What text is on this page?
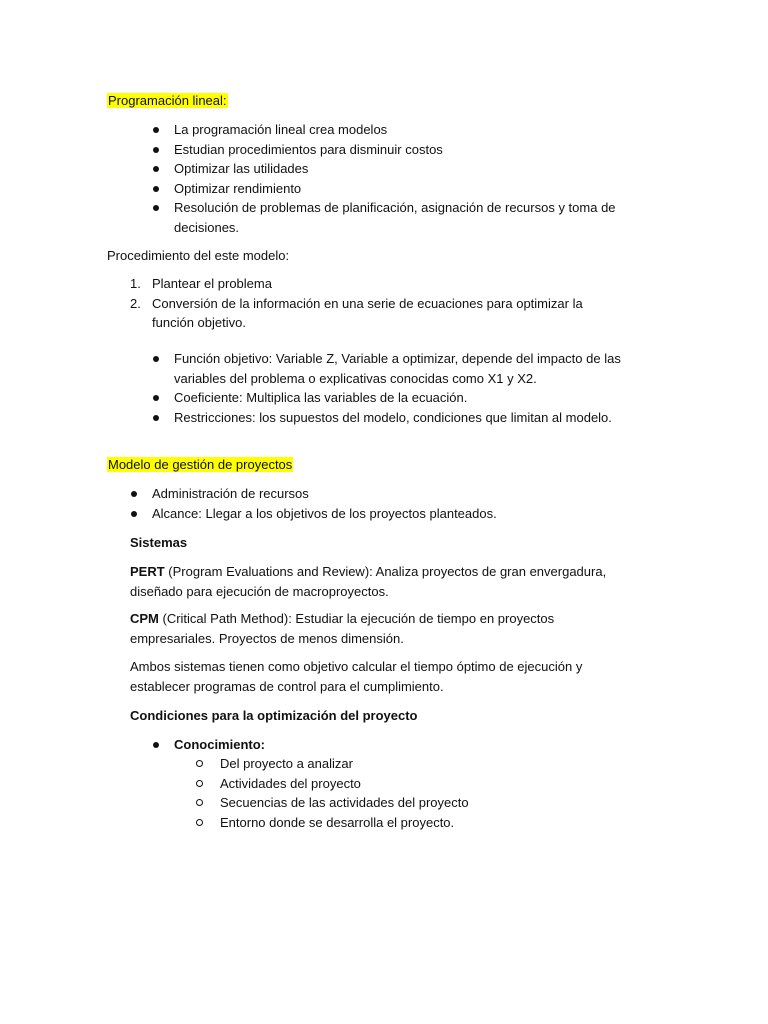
Programación lineal:
La programación lineal crea modelos
Estudian procedimientos para disminuir costos
Optimizar las utilidades
Optimizar rendimiento
Resolución de problemas de planificación, asignación de recursos y toma de decisiones.
Procedimiento del este modelo:
1. Plantear el problema
2. Conversión de la información en una serie de ecuaciones para optimizar la función objetivo.
Función objetivo: Variable Z, Variable a optimizar, depende del impacto de las variables del problema o explicativas conocidas como X1 y X2.
Coeficiente: Multiplica las variables de la ecuación.
Restricciones: los supuestos del modelo, condiciones que limitan al modelo.
Modelo de gestión de proyectos
Administración de recursos
Alcance: Llegar a los objetivos de los proyectos planteados.
Sistemas
PERT (Program Evaluations and Review): Analiza proyectos de gran envergadura, diseñado para ejecución de macroproyectos.
CPM (Critical Path Method): Estudiar la ejecución de tiempo en proyectos empresariales. Proyectos de menos dimensión.
Ambos sistemas tienen como objetivo calcular el tiempo óptimo de ejecución y establecer programas de control para el cumplimiento.
Condiciones para la optimización del proyecto
Conocimiento:
Del proyecto a analizar
Actividades del proyecto
Secuencias de las actividades del proyecto
Entorno donde se desarrolla el proyecto.
